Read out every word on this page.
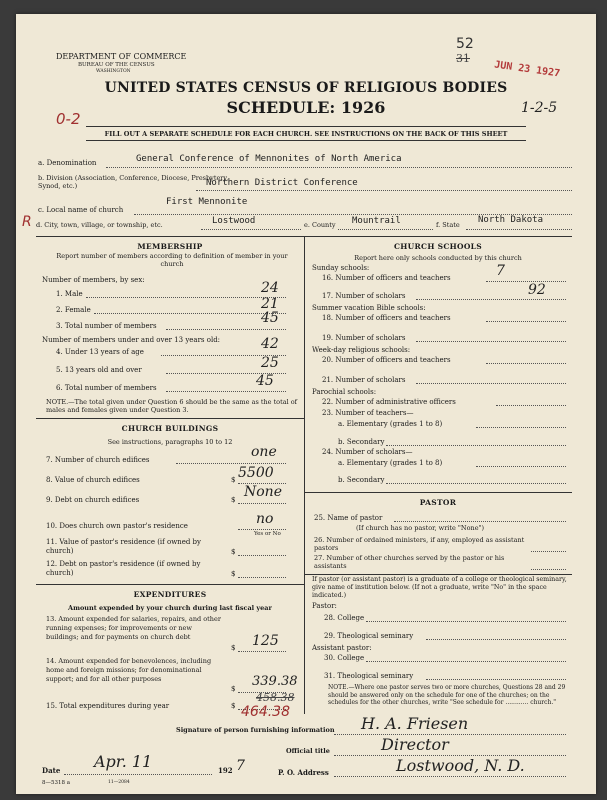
DEPARTMENT OF COMMERCE
BUREAU OF THE CENSUS
WASHINGTON
52
31
JUN 23 1927
UNITED STATES CENSUS OF RELIGIOUS BODIES
SCHEDULE: 1926
0-2
1-2-5
FILL OUT A SEPARATE SCHEDULE FOR EACH CHURCH. SEE INSTRUCTIONS ON THE BACK OF THIS SHEET
a. Denomination	General Conference of Mennonites of North America
b. Division (Association, Conference, Diocese, Presbytery, Synod, etc.)	Northern District Conference
c. Local name of church
First Mennonite
R d. City, town, village, or township, etc.	Lostwood	e. County Mountrail	f. State North Dakota
MEMBERSHIP
Report number of members according to definition of member in your church
Number of members, by sex:
1. Male	24
2. Female	21
3. Total number of members	45
Number of members under and over 13 years old:
4. Under 13 years of age	42
5. 13 years old and over	25
6. Total number of members	45
NOTE.—The total given under Question 6 should be the same as the total of males and females given under Question 3.
CHURCH BUILDINGS
See instructions, paragraphs 10 to 12
7. Number of church edifices	one
8. Value of church edifices	$ 5500
9. Debt on church edifices	$ None
10. Does church own pastor's residence	no
Yes or No
11. Value of pastor's residence (if owned by church)	$
12. Debt on pastor's residence (if owned by church)	$
EXPENDITURES
Amount expended by your church during last fiscal year
13. Amount expended for salaries, repairs, and other running expenses; for improvements or new buildings; and for payments on church debt
$ 125
14. Amount expended for benevolences, including home and foreign missions; for denominational support; and for all other purposes
$ 339.38
15. Total expenditures during year	$
458.38
464.38
CHURCH SCHOOLS
Report here only schools conducted by this church
Sunday schools:
16. Number of officers and teachers	7
17. Number of scholars	92
Summer vacation Bible schools:
18. Number of officers and teachers
19. Number of scholars
Week-day religious schools:
20. Number of officers and teachers
21. Number of scholars
Parochial schools:
22. Number of administrative officers
23. Number of teachers—
a. Elementary (grades 1 to 8)
b. Secondary
24. Number of scholars—
a. Elementary (grades 1 to 8)
b. Secondary
PASTOR
25. Name of pastor
(If church has no pastor, write "None")
26. Number of ordained ministers, if any, employed as assistant pastors
27. Number of other churches served by the pastor or his assistants
If pastor (or assistant pastor) is a graduate of a college or theological seminary, give name of institution below. (If not a graduate, write "No" in the space indicated.)
Pastor:
28. College
29. Theological seminary
Assistant pastor:
30. College
31. Theological seminary
NOTE.—Where one pastor serves two or more churches, Questions 28 and 29 should be answered only on the schedule for one of the churches; on the schedules for the other churches, write "See schedule for ............ church."
Signature of person furnishing information H. A. Friesen
Official title	Director
Date Apr. 11	192 7	P. O. Address	Lostwood, N. D.
8—5318 a	11—2084
